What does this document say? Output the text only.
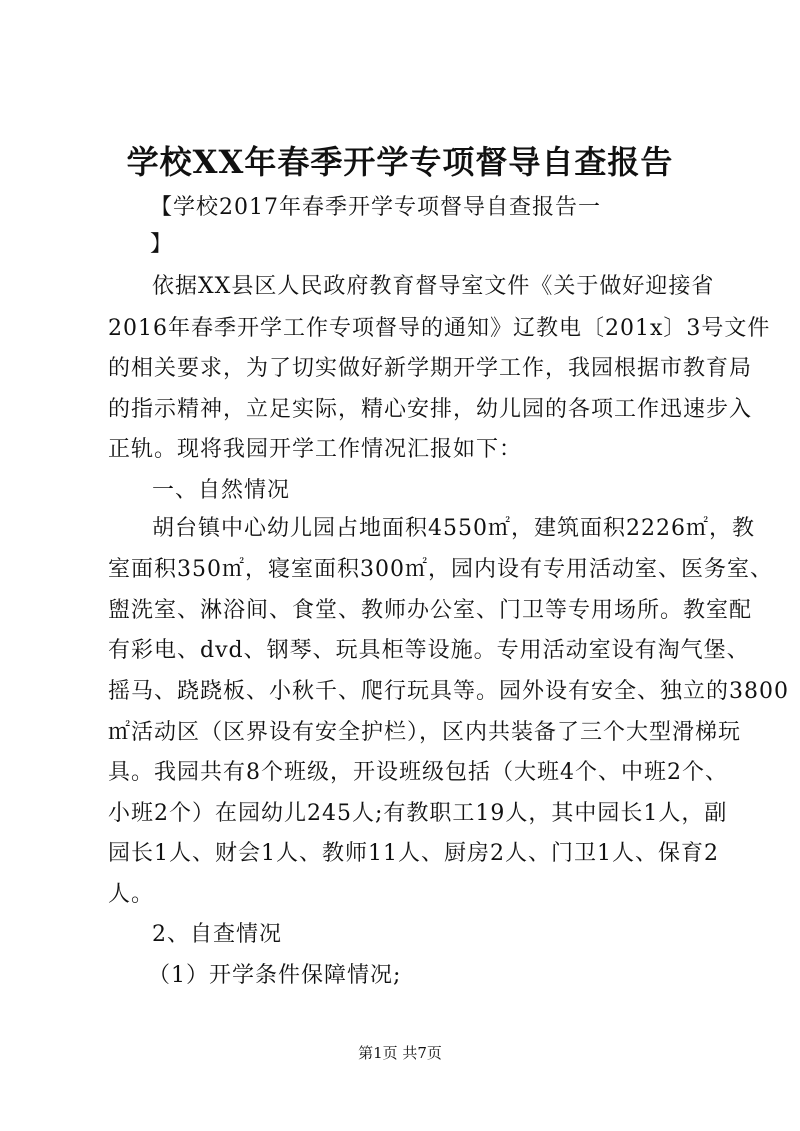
学校XX年春季开学专项督导自查报告
【学校2017年春季开学专项督导自查报告一
】
依据XX县区人民政府教育督导室文件《关于做好迎接省
2016年春季开学工作专项督导的通知》辽教电〔201x〕3号文件
的相关要求，为了切实做好新学期开学工作，我园根据市教育局
的指示精神，立足实际，精心安排，幼儿园的各项工作迅速步入
正轨。现将我园开学工作情况汇报如下：
一、自然情况
胡台镇中心幼儿园占地面积4550㎡，建筑面积2226㎡，教
室面积350㎡，寝室面积300㎡，园内设有专用活动室、医务室、
盥洗室、淋浴间、食堂、教师办公室、门卫等专用场所。教室配
有彩电、dvd、钢琴、玩具柜等设施。专用活动室设有淘气堡、
摇马、跷跷板、小秋千、爬行玩具等。园外设有安全、独立的3800
㎡活动区（区界设有安全护栏），区内共装备了三个大型滑梯玩
具。我园共有8个班级，开设班级包括（大班4个、中班2个、
小班2个）在园幼儿245人;有教职工19人，其中园长1人，副
园长1人、财会1人、教师11人、厨房2人、门卫1人、保育2
人。
2、自查情况
（1）开学条件保障情况;
第1页 共7页
